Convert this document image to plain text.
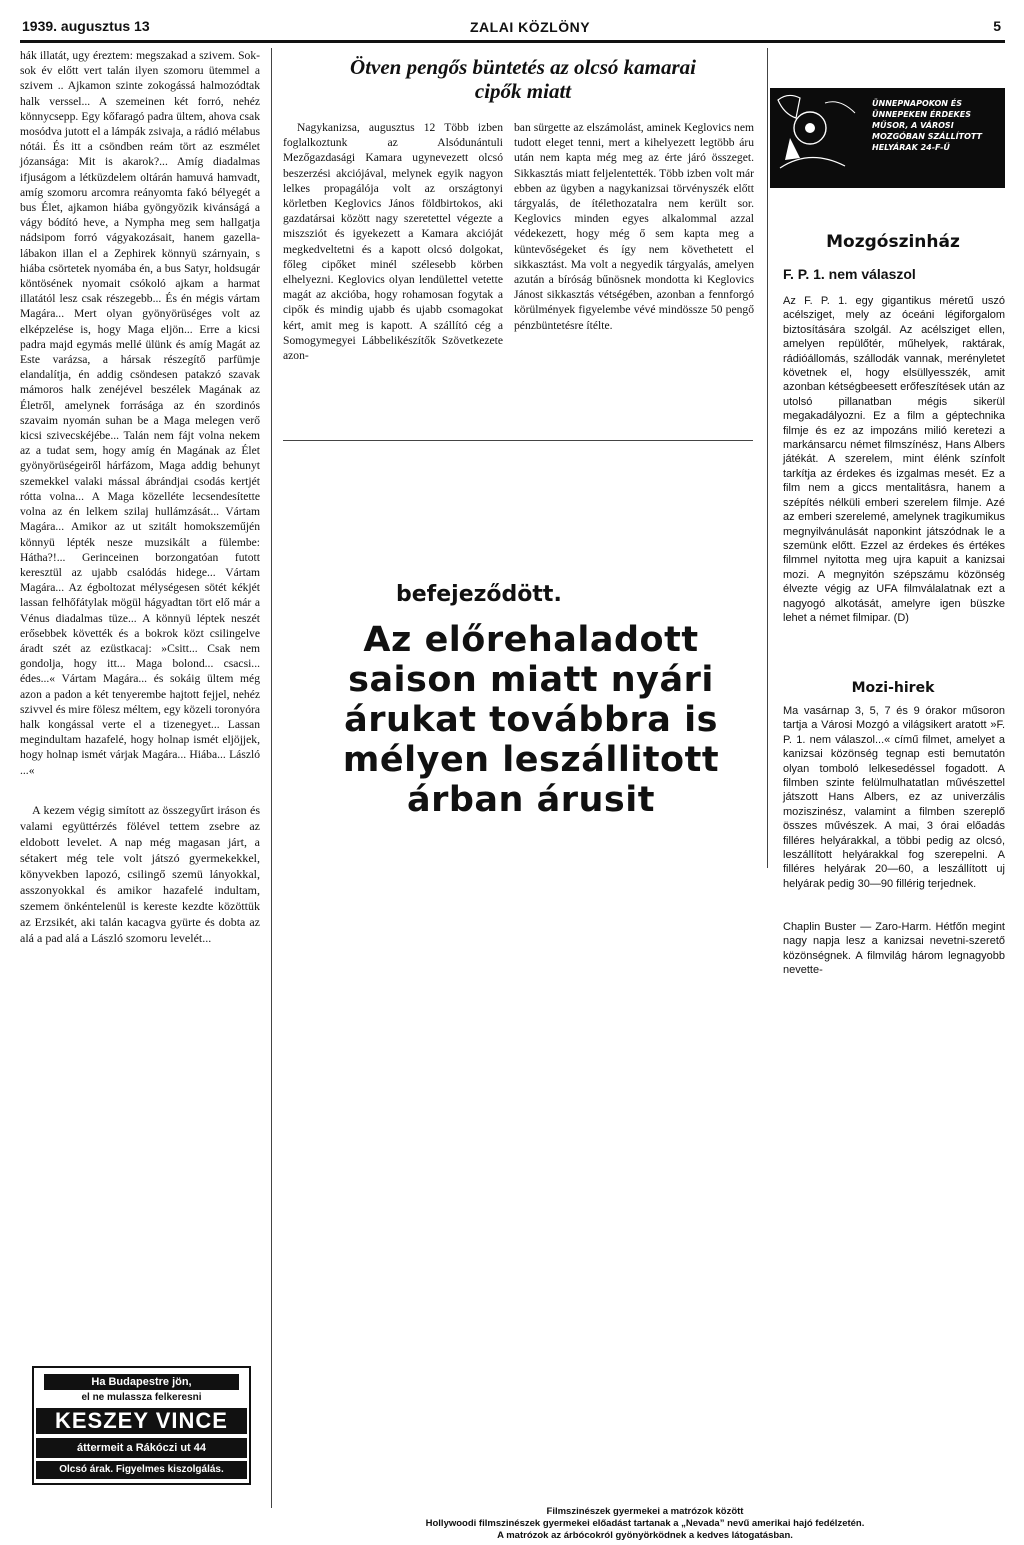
1939. augusztus 13	ZALAI KÖZLÖNY	5

hák illatát, ugy éreztem: megszakad a szivem. Sok-sok év előtt vert talán ilyen szomoru ütemmel a szivem .. Ajkamon szinte zokogássá halmozódtak halk verssel... A szemeinen két forró, nehéz könnycsepp. Egy kőfaragó padra ültem, ahova csak mosódva jutott el a lámpák zsivaja, a rádió mélabus nótái. És itt a csöndben reám tört az eszmélet józansága: Mit is akarok?... Amíg diadalmas ifjuságom a létküzdelem oltárán hamuvá hamvadt, amíg szomoru arcomra reányomta fakó bélyegét a bus Élet, ajkamon hiába gyöngyözik kivánságá a vágy bódító heve, a Nympha meg sem hallgatja nádsipom forró vágyakozásait, hanem gazella-lábakon illan el a Zephirek könnyü szárnyain, s hiába csörtetek nyomába én, a bus Satyr, holdsugár köntösének nyomait csókoló ajkam a harmat illatától lesz csak részegebb... És én mégis vártam Magára... Mert olyan gyönyörüséges volt az elképzelése is, hogy Maga eljön... Erre a kicsi padra majd egymás mellé ülünk és amíg Magát az Este varázsa, a hársak részegítő parfümje elandalítja, én addig csöndesen patakzó szavak mámoros halk zenéjével beszélek Magának az Életről, amelynek forrásága az én szordinós szavaim nyomán suhan be a Maga melegen verő kicsi szivecskéjébe... Talán nem fájt volna nekem az a tudat sem, hogy amíg én Magának az Élet gyönyörüségeiről hárfázom, Maga addig behunyt szemekkel valaki mással ábrándjai csodás kertjét rótta volna... A Maga közelléte lecsendesítette volna az én lelkem szilaj hullámzását... Vártam Magára... Amikor az ut szitált homokszeműjén könnyü lépték nesze muzsikált a fülembe: Hátha?!... Gerinceinen borzongatóan futott keresztül az ujabb csalódás hidege... Vártam Magára... Az égboltozat mélységesen sötét kékjét lassan felhőfátylak mögül hágyadtan tört elő már a Vénus diadalmas tüze... A könnyü léptek neszét erősebbek követték és a bokrok közt csilingelve áradt szét az ezüstkacaj: »Csitt... Csak nem gondolja, hogy itt... Maga bolond... csacsi... édes...« Vártam Magára... és sokáig ültem még azon a padon a két tenyerembe hajtott fejjel, nehéz szivvel és mire fölesz méltem, egy közeli toronyóra halk kongással verte el a tizenegyet... Lassan megindultam hazafelé, hogy holnap ismét eljöjjek, hogy holnap ismét várjak Magára... Hiába... László ...«

A kezem végig simított az összegyűrt iráson és valami együttérzés fölével tettem zsebre az eldobott levelet. A nap még magasan járt, a sétakert még tele volt játszó gyermekekkel, könyvekben lapozó, csilingő szemü lányokkal, asszonyokkal és amikor hazafelé indultam, szemem önkéntelenül is kereste kezdte közöttük az Erzsikét, aki talán kacagva gyürte és dobta az alá a pad alá a László szomoru levelét...

Ha Budapestre jön,
el ne mulassza felkeresni
KESZEY VINCE
áttermeit a Rákóczi ut 44
Olcsó árak. Figyelmes kiszolgálás.
Ötven pengős büntetés az olcsó kamarai
cipők miatt
Nagykanizsa, augusztus 12 Több izben foglalkoztunk az Alsódunántuli Mezőgazdasági Kamara ugynevezett olcsó beszerzési akciójával, melynek egyik nagyon lelkes propagálója volt az országtonyi körletben Keglovics János földbirtokos, aki gazdatársai között nagy szeretettel végezte a miszsziót és igyekezett a Kamara akcióját megkedveltetni és a kapott olcsó dolgokat, főleg cipőket minél szélesebb körben elhelyezni. Keglovics olyan lendülettel vetette magát az akcióba, hogy rohamosan fogytak a cipők és mindig ujabb és ujabb csomagokat kért, amit meg is kapott. A szállító cég a Somogymegyei Lábbelikészítők Szövetkezete azon-
ban sürgette az elszámolást, aminek Keglovics nem tudott eleget tenni, mert a kihelyezett legtöbb áru után nem kapta még meg az érte járó összeget. Sikkasztás miatt feljelentették. Több izben volt már ebben az ügyben a nagykanizsai törvényszék előtt tárgyalás, de ítélethozatalra nem került sor. Keglovics minden egyes alkalommal azzal védekezett, hogy még ő sem kapta meg a küntevőségeket és így nem követhetett el sikkasztást. Ma volt a negyedik tárgyalás, amelyen azután a bíróság bűnösnek mondotta ki Keglovics Jánost sikkasztás vétségében, azonban a fennforgó körülmények figyelembe vévé mindössze 50 pengő pénzbüntetésre ítélte.
befejeződött.
Az előrehaladott
saison miatt nyári
árukat továbbra is
mélyen leszállitott
árban árusit
ÜNNEPNAPOKON ÉS ÜNNEPEKEN ÉRDEKES MŰSOR, A VÁROSI MOZGÓBAN SZÁLLÍTOTT HELYÁRAK 24-F-Ű
Mozgószinház
F. P. 1. nem válaszol
Az F. P. 1. egy gigantikus méretű uszó acélsziget, mely az óceáni légiforgalom biztosítására szolgál. Az acélsziget ellen, amelyen repülőtér, műhelyek, raktárak, rádióállomás, szállodák vannak, merényletet követnek el, hogy elsüllyesszék, amit azonban kétségbeesett erőfeszítések után az utolsó pillanatban mégis sikerül megakadályozni. Ez a film a géptechnika filmje és ez az impozáns milió keretezi a markánsarcu német filmszínész, Hans Albers játékát. A szerelem, mint élénk színfolt tarkítja az érdekes és izgalmas mesét. Ez a film nem a giccs mentalitásra, hanem a szépítés nélküli emberi szerelem filmje. Azé az emberi szerelemé, amelynek tragikumikus megnyilvánulását naponkint játszódnak le a szemünk előtt. Ezzel az érdekes és értékes filmmel nyitotta meg ujra kapuit a kanizsai mozi. A megnyitón szépszámu közönség élvezte végig az UFA filmválalatnak ezt a nagyogó alkotását, amelyre igen büszke lehet a német filmipar. (D)
Mozi-hirek
Ma vasárnap 3, 5, 7 és 9 órakor műsoron tartja a Városi Mozgó a világsikert aratott »F. P. 1. nem válaszol...« című filmet, amelyet a kanizsai közönség tegnap esti bemutatón olyan tomboló lelkesedéssel fogadott. A filmben szinte felülmulhatatlan művészettel játszott Hans Albers, ez az univerzális moziszinész, valamint a filmben szereplő összes művészek. A mai, 3 órai előadás filléres helyárakkal, a többi pedig az olcsó, leszállított helyárakkal fog szerepelni. A filléres helyárak 20—60, a leszállított uj helyárak pedig 30—90 fillérig terjednek.
Chaplin Buster — Zaro-Harm. Hétfőn megint nagy napja lesz a kanizsai nevetni-szerető közönségnek. A filmvilág három legnagyobb nevette-
Filmszinészek gyermekei a matrózok között
Hollywoodi filmszinészek gyermekei előadást tartanak a „Nevada” nevű amerikai hajó fedélzetén.
A matrózok az árbócokról gyönyörködnek a kedves látogatásban.
